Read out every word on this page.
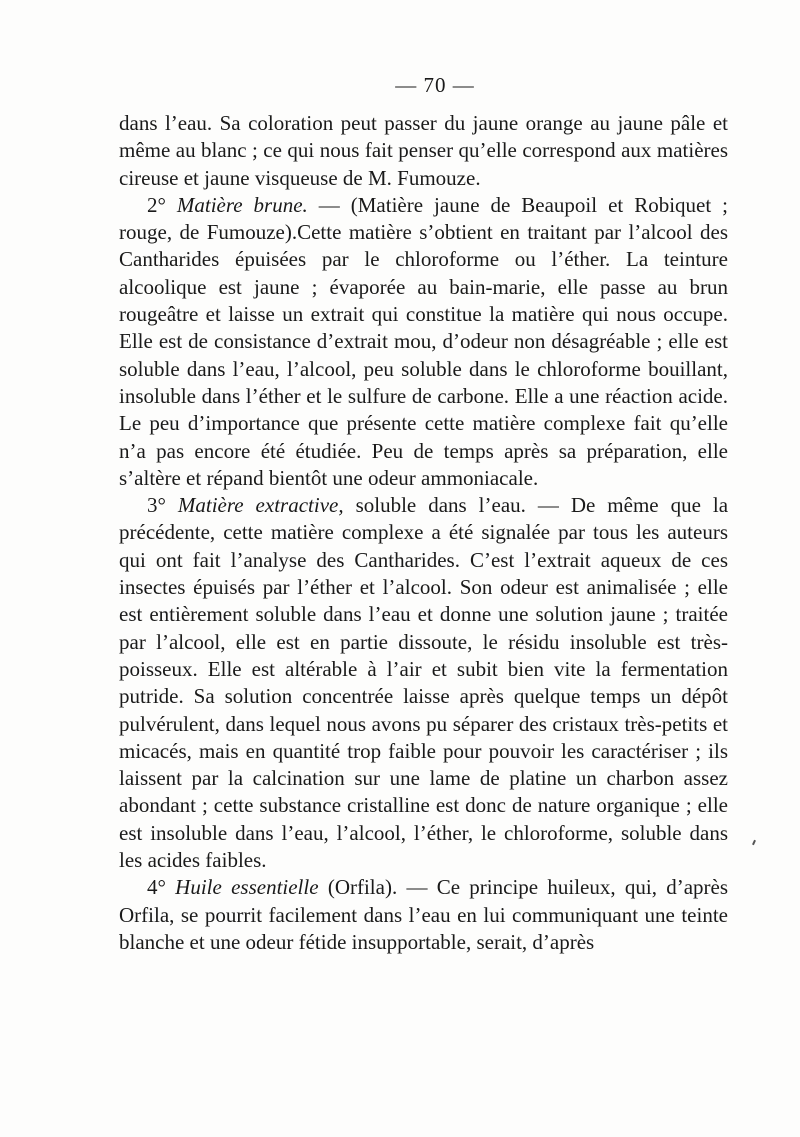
— 70 —

dans l’eau. Sa coloration peut passer du jaune orange au jaune pâle et même au blanc ; ce qui nous fait penser qu’elle correspond aux matières cireuse et jaune visqueuse de M. Fumouze.

2° Matière brune. — (Matière jaune de Beaupoil et Robiquet ; rouge, de Fumouze).Cette matière s’obtient en traitant par l’alcool des Cantharides épuisées par le chloroforme ou l’éther. La teinture alcoolique est jaune ; évaporée au bain-marie, elle passe au brun rougeâtre et laisse un extrait qui constitue la matière qui nous occupe. Elle est de consistance d’extrait mou, d’odeur non désagréable ; elle est soluble dans l’eau, l’alcool, peu soluble dans le chloroforme bouillant, insoluble dans l’éther et le sulfure de carbone. Elle a une réaction acide. Le peu d’importance que présente cette matière complexe fait qu’elle n’a pas encore été étudiée. Peu de temps après sa préparation, elle s’altère et répand bientôt une odeur ammoniacale.

3° Matière extractive, soluble dans l’eau. — De même que la précédente, cette matière complexe a été signalée par tous les auteurs qui ont fait l’analyse des Cantharides. C’est l’extrait aqueux de ces insectes épuisés par l’éther et l’alcool. Son odeur est animalisée ; elle est entièrement soluble dans l’eau et donne une solution jaune ; traitée par l’alcool, elle est en partie dissoute, le résidu insoluble est très-poisseux. Elle est altérable à l’air et subit bien vite la fermentation putride. Sa solution concentrée laisse après quelque temps un dépôt pulvérulent, dans lequel nous avons pu séparer des cristaux très-petits et micacés, mais en quantité trop faible pour pouvoir les caractériser ; ils laissent par la calcination sur une lame de platine un charbon assez abondant ; cette substance cristalline est donc de nature organique ; elle est insoluble dans l’eau, l’alcool, l’éther, le chloroforme, soluble dans les acides faibles.

4° Huile essentielle (Orfila). — Ce principe huileux, qui, d’après Orfila, se pourrit facilement dans l’eau en lui communiquant une teinte blanche et une odeur fétide insupportable, serait, d’après
